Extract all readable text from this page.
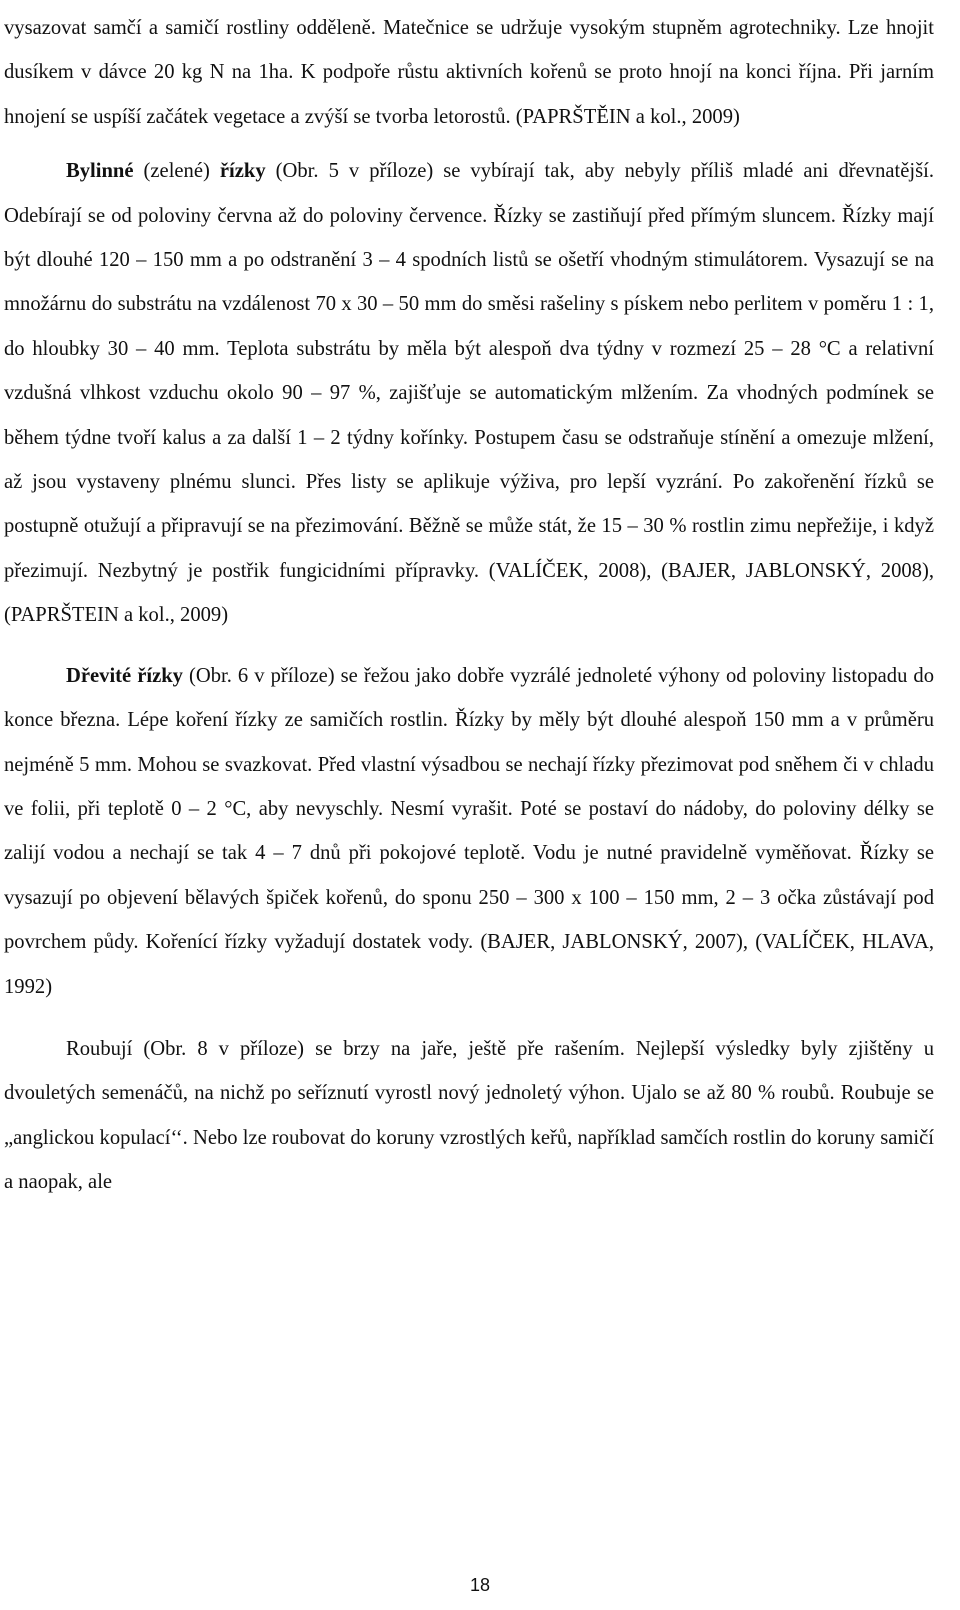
vysazovat samčí a samičí rostliny odděleně. Matečnice se udržuje vysokým stupněm agrotechniky. Lze hnojit dusíkem v dávce 20 kg N na 1ha. K podpoře růstu aktivních kořenů se proto hnojí na konci října. Při jarním hnojení se uspíší začátek vegetace a zvýší se tvorba letorostů. (PAPRŠTĚIN a kol., 2009)

Bylinné (zelené) řízky (Obr. 5 v příloze) se vybírají tak, aby nebyly příliš mladé ani dřevnatější. Odebírají se od poloviny června až do poloviny července. Řízky se zastiňují před přímým sluncem. Řízky mají být dlouhé 120 – 150 mm a po odstranění 3 – 4 spodních listů se ošetří vhodným stimulátorem. Vysazují se na množárnu do substrátu na vzdálenost 70 x 30 – 50 mm do směsi rašeliny s pískem nebo perlitem v poměru 1 : 1, do hloubky 30 – 40 mm. Teplota substrátu by měla být alespoň dva týdny v rozmezí 25 – 28 °C a relativní vzdušná vlhkost vzduchu okolo 90 – 97 %, zajišťuje se automatickým mlžením. Za vhodných podmínek se během týdne tvoří kalus a za další 1 – 2 týdny kořínky. Postupem času se odstraňuje stínění a omezuje mlžení, až jsou vystaveny plnému slunci. Přes listy se aplikuje výživa, pro lepší vyzrání. Po zakořenění řízků se postupně otužují a připravují se na přezimování. Běžně se může stát, že 15 – 30 % rostlin zimu nepřežije, i když přezimují. Nezbytný je postřik fungicidními přípravky. (VALÍČEK, 2008), (BAJER, JABLONSKÝ, 2008), (PAPRŠTEIN a kol., 2009)

Dřevité řízky (Obr. 6 v příloze) se řežou jako dobře vyzrálé jednoleté výhony od poloviny listopadu do konce března. Lépe koření řízky ze samičích rostlin. Řízky by měly být dlouhé alespoň 150 mm a v průměru nejméně 5 mm. Mohou se svazkovat. Před vlastní výsadbou se nechají řízky přezimovat pod sněhem či v chladu ve folii, při teplotě 0 – 2 °C, aby nevyschly. Nesmí vyrašit. Poté se postaví do nádoby, do poloviny délky se zalijí vodou a nechají se tak 4 – 7 dnů při pokojové teplotě. Vodu je nutné pravidelně vyměňovat. Řízky se vysazují po objevení bělavých špiček kořenů, do sponu 250 – 300 x 100 – 150 mm, 2 – 3 očka zůstávají pod povrchem půdy. Kořenící řízky vyžadují dostatek vody. (BAJER, JABLONSKÝ, 2007), (VALÍČEK, HLAVA, 1992)

Roubují (Obr. 8 v příloze) se brzy na jaře, ještě pře rašením. Nejlepší výsledky byly zjištěny u dvouletých semenáčů, na nichž po seříznutí vyrostl nový jednoletý výhon. Ujalo se až 80 % roubů. Roubuje se „anglickou kopulací‘‘. Nebo lze roubovat do koruny vzrostlých keřů, například samčích rostlin do koruny samičí a naopak, ale

18
